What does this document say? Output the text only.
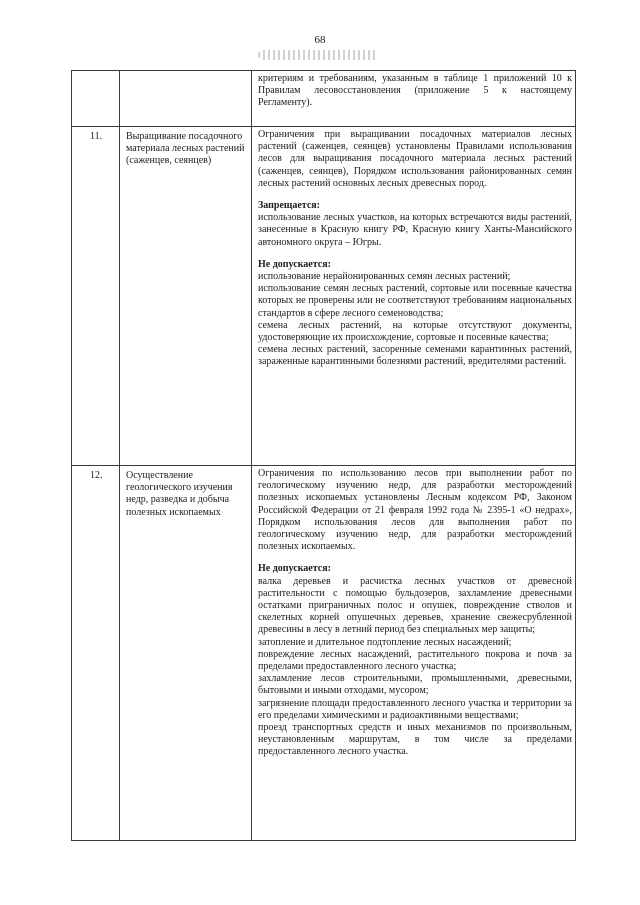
68

критериям и требованиям, указанным в таблице 1 приложений 10 к Правилам лесовосстановления (приложение 5 к настоящему Регламенту).

11.	Выращивание посадочного материала лесных растений (саженцев, сеянцев)

Ограничения при выращивании посадочных материалов лесных растений (саженцев, сеянцев) установлены Правилами использования лесов для выращивания посадочного материала лесных растений (саженцев, сеянцев), Порядком использования районированных семян лесных растений основных лесных древесных пород.

Запрещается:

использование лесных участков, на которых встречаются виды растений, занесенные в Красную книгу РФ, Красную книгу Ханты-Мансийского автономного округа – Югры.

Не допускается:

использование нерайонированных семян лесных растений;

использование семян лесных растений, сортовые или посевные качества которых не проверены или не соответствуют требованиям национальных стандартов в сфере лесного семеноводства;

семена лесных растений, на которые отсутствуют документы, удостоверяющие их происхождение, сортовые и посевные качества;

семена лесных растений, засоренные семенами карантинных растений, зараженные карантинными болезнями растений, вредителями растений.

12.	Осуществление геологического изучения недр, разведка и добыча полезных ископаемых

Ограничения по использованию лесов при выполнении работ по геологическому изучению недр, для разработки месторождений полезных ископаемых установлены Лесным кодексом РФ, Законом Российской Федерации от 21 февраля 1992 года № 2395-1 «О недрах», Порядком использования лесов для выполнения работ по геологическому изучению недр, для разработки месторождений полезных ископаемых.

Не допускается:

валка деревьев и расчистка лесных участков от древесной растительности с помощью бульдозеров, захламление древесными остатками приграничных полос и опушек, повреждение стволов и скелетных корней опушечных деревьев, хранение свежесрубленной древесины в лесу в летний период без специальных мер защиты;

затопление и длительное подтопление лесных насаждений;

повреждение лесных насаждений, растительного покрова и почв за пределами предоставленного лесного участка;

захламление лесов строительными, промышленными, древесными, бытовыми и иными отходами, мусором;

загрязнение площади предоставленного лесного участка и территории за его пределами химическими и радиоактивными веществами;

проезд транспортных средств и иных механизмов по произвольным, неустановленным маршрутам, в том числе за пределами предоставленного лесного участка.
